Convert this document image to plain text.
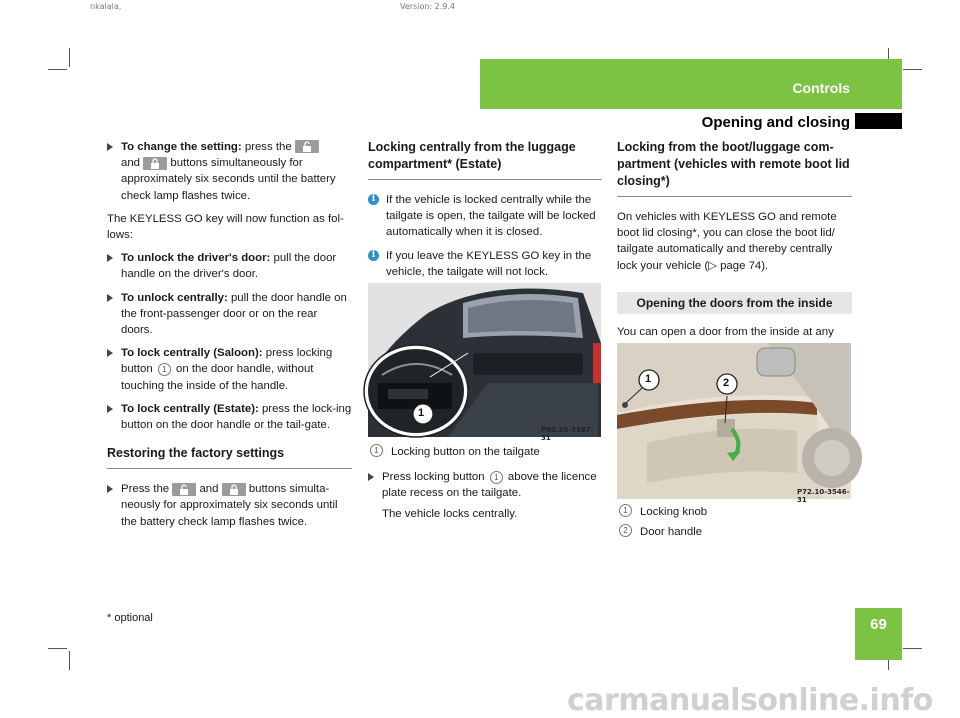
nkalala,	Version: 2.9.4
Controls
Opening and closing
To change the setting: press the

and	buttons simultaneously for approximately six seconds until the battery check lamp flashes twice.

The KEYLESS GO key will now function as fol-lows:

To unlock the driver's door: pull the door handle on the driver's door.
To unlock centrally: pull the door handle on the front-passenger door or on the rear doors.
To lock centrally (Saloon): press locking button 1 on the door handle, without touching the inside of the handle.
To lock centrally (Estate): press the lock-ing button on the door handle or the tail-gate.
Restoring the factory settings
Press the	and	buttons simulta-neously for approximately six seconds until the battery check lamp flashes twice.
Locking centrally from the luggage compartment* (Estate)
i If the vehicle is locked centrally while the tailgate is open, the tailgate will be locked automatically when it is closed.
i If you leave the KEYLESS GO key in the vehicle, the tailgate will not lock.
1
P80.20-3187-31
1	Locking button on the tailgate
Press locking button 1 above the licence plate recess on the tailgate.
The vehicle locks centrally.
Locking from the boot/luggage com-partment (vehicles with remote boot lid closing*)

On vehicles with KEYLESS GO and remote boot lid closing*, you can close the boot lid/ tailgate automatically and thereby centrally lock your vehicle (▷ page 74).

Opening the doors from the inside

You can open a door from the inside at any

1	2
P72.10-3546-31
1	Locking knob
2	Door handle
69
* optional
carmanualsonline.info
